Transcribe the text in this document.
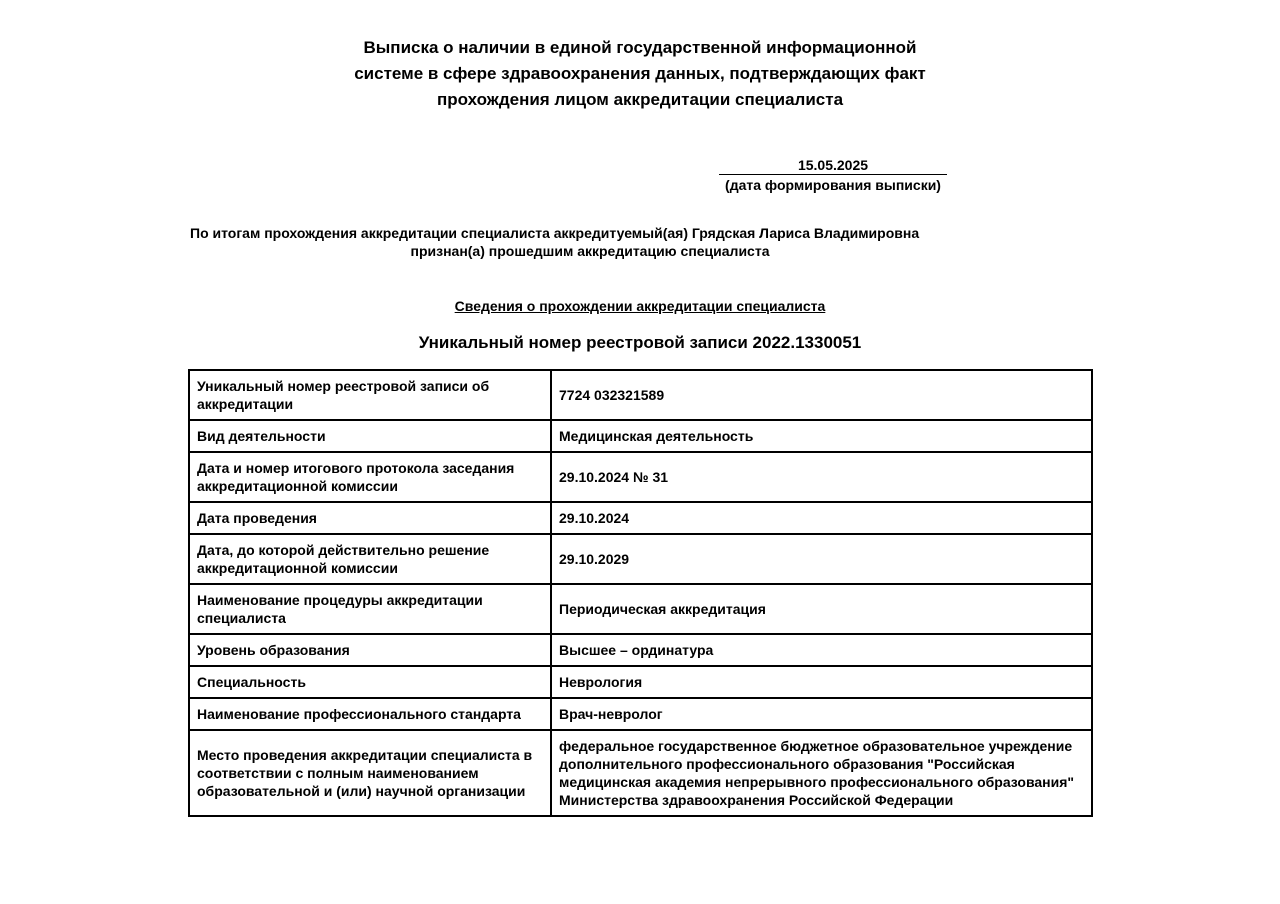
Выписка о наличии в единой государственной информационной
системе в сфере здравоохранения данных, подтверждающих факт
прохождения лицом аккредитации специалиста
15.05.2025
(дата формирования выписки)
По итогам прохождения аккредитации специалиста аккредитуемый(ая) Грядская Лариса Владимировна
признан(а) прошедшим аккредитацию специалиста
Сведения о прохождении аккредитации специалиста
Уникальный номер реестровой записи 2022.1330051
Уникальный номер реестровой записи об аккредитации	7724 032321589
Вид деятельности	Медицинская деятельность
Дата и номер итогового протокола заседания аккредитационной комиссии	29.10.2024 № 31
Дата проведения	29.10.2024
Дата, до которой действительно решение аккредитационной комиссии	29.10.2029
Наименование процедуры аккредитации специалиста	Периодическая аккредитация
Уровень образования	Высшее – ординатура
Специальность	Неврология
Наименование профессионального стандарта	Врач-невролог
Место проведения аккредитации специалиста в соответствии с полным наименованием образовательной и (или) научной организации	федеральное государственное бюджетное образовательное учреждение дополнительного профессионального образования "Российская медицинская академия непрерывного профессионального образования" Министерства здравоохранения Российской Федерации
